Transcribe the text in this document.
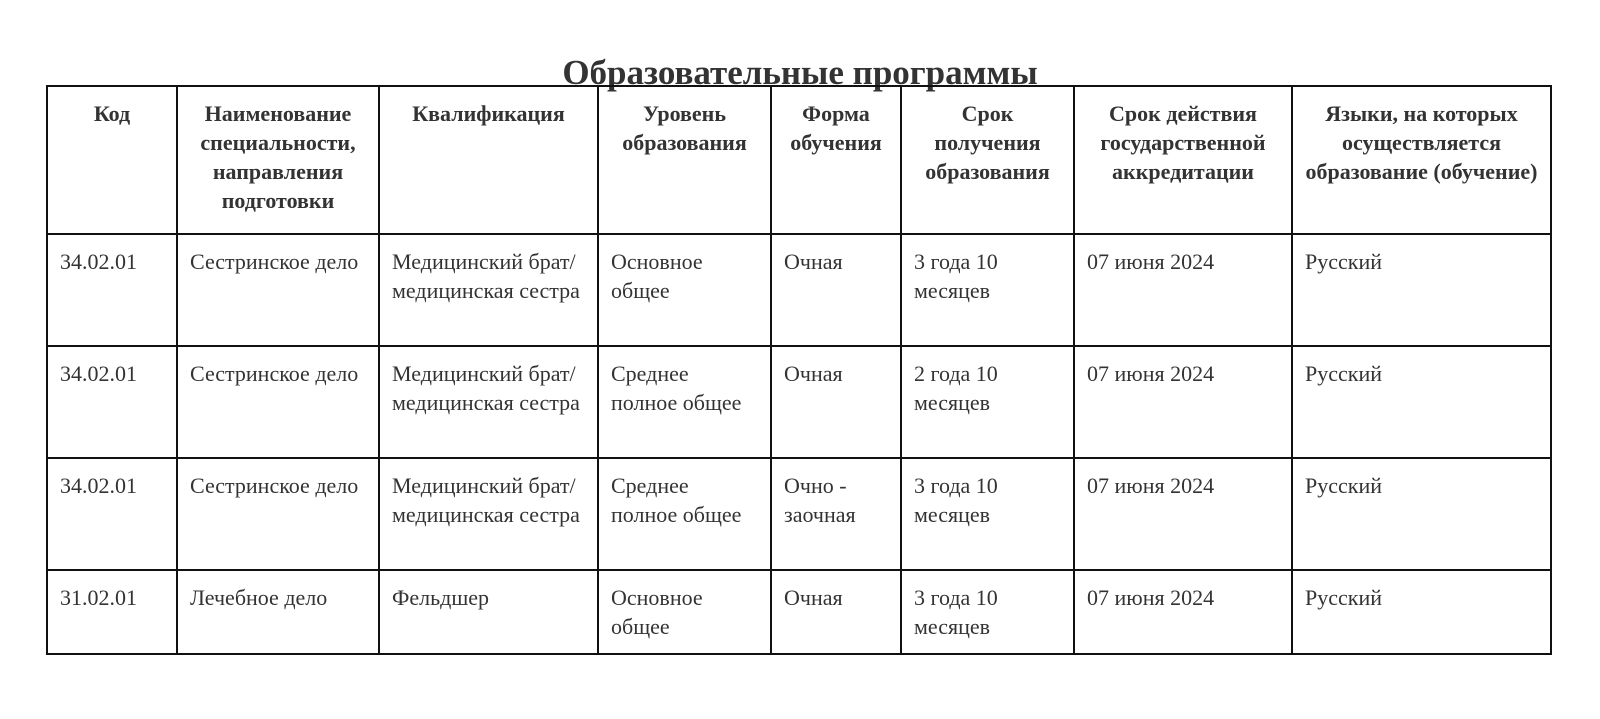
Образовательные программы
Код	Наименование специальности, направления подготовки	Квалификация	Уровень образования	Форма обучения	Срок получения образования	Срок действия государственной аккредитации	Языки, на которых осуществляется образование (обучение)
34.02.01	Сестринское дело	Медицинский брат/медицинская сестра	Основное общее	Очная	3 года 10 месяцев	07 июня 2024	Русский
34.02.01	Сестринское дело	Медицинский брат/медицинская сестра	Среднее полное общее	Очная	2 года 10 месяцев	07 июня 2024	Русский
34.02.01	Сестринское дело	Медицинский брат/медицинская сестра	Среднее полное общее	Очно - заочная	3 года 10 месяцев	07 июня 2024	Русский
31.02.01	Лечебное дело	Фельдшер	Основное общее	Очная	3 года 10 месяцев	07 июня 2024	Русский
